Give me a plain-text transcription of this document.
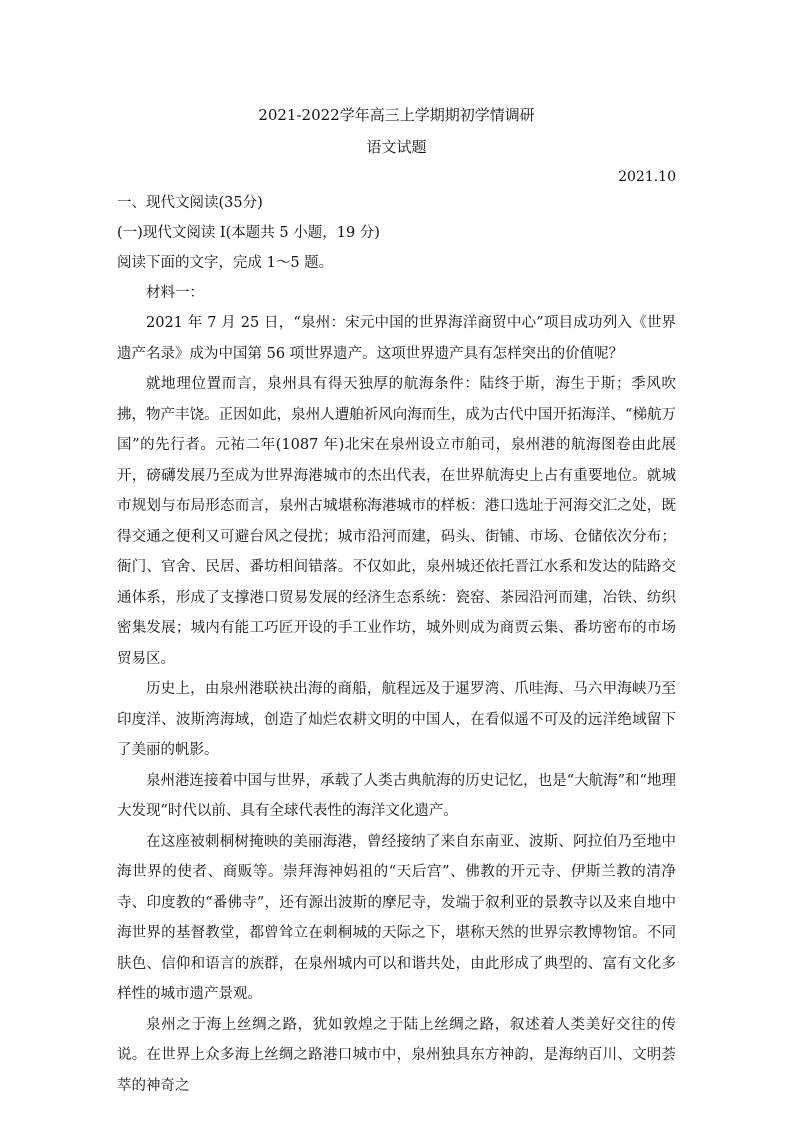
2021-2022学年高三上学期期初学情调研
语文试题
2021.10
一、现代文阅读(35分)
(一)现代文阅读 I(本题共 5 小题，19 分)
阅读下面的文字，完成 1～5 题。
材料一：

2021 年 7 月 25 日，“泉州：宋元中国的世界海洋商贸中心”项目成功列入《世界遗产名录》成为中国第 56 项世界遗产。这项世界遗产具有怎样突出的价值呢？

就地理位置而言，泉州具有得天独厚的航海条件：陆终于斯，海生于斯；季风吹拂，物产丰饶。正因如此，泉州人遭舶祈风向海而生，成为古代中国开拓海洋、“梯航万国”的先行者。元祐二年(1087 年)北宋在泉州设立市舶司，泉州港的航海图卷由此展开，磅礴发展乃至成为世界海港城市的杰出代表，在世界航海史上占有重要地位。就城市规划与布局形态而言，泉州古城堪称海港城市的样板：港口选址于河海交汇之处，既得交通之便利又可避台风之侵扰；城市沿河而建，码头、街铺、市场、仓储依次分布；衙门、官舍、民居、番坊相间错落。不仅如此，泉州城还依托晋江水系和发达的陆路交通体系，形成了支撑港口贸易发展的经济生态系统：瓷窑、茶园沿河而建，冶铁、纺织密集发展；城内有能工巧匠开设的手工业作坊，城外则成为商贾云集、番坊密布的市场贸易区。

历史上，由泉州港联袂出海的商船，航程远及于暹罗湾、爪哇海、马六甲海峡乃至印度洋、波斯湾海域，创造了灿烂农耕文明的中国人，在看似遥不可及的远洋绝域留下了美丽的帆影。

泉州港连接着中国与世界，承载了人类古典航海的历史记忆，也是“大航海”和“地理大发现”时代以前、具有全球代表性的海洋文化遗产。

在这座被刺桐树掩映的美丽海港，曾经接纳了来自东南亚、波斯、阿拉伯乃至地中海世界的使者、商贩等。崇拜海神妈祖的“天后宫”、佛教的开元寺、伊斯兰教的清净寺、印度教的“番佛寺”，还有源出波斯的摩尼寺，发端于叙利亚的景教寺以及来自地中海世界的基督教堂，都曾耸立在刺桐城的天际之下，堪称天然的世界宗教博物馆。不同肤色、信仰和语言的族群，在泉州城内可以和谐共处，由此形成了典型的、富有文化多样性的城市遗产景观。

泉州之于海上丝绸之路，犹如敦煌之于陆上丝绸之路，叙述着人类美好交往的传说。在世界上众多海上丝绸之路港口城市中，泉州独具东方神韵，是海纳百川、文明荟萃的神奇之
